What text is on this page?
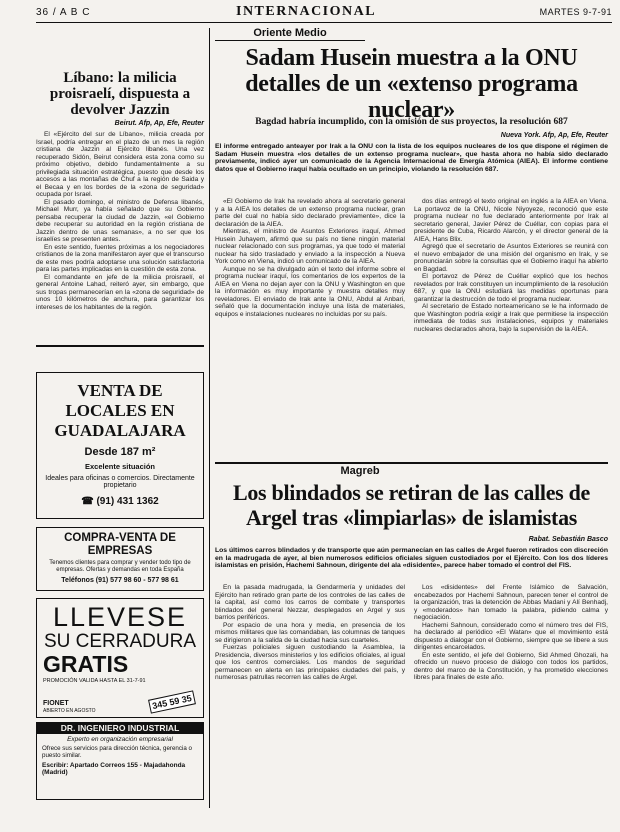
36 / A B C	INTERNACIONAL	MARTES 9-7-91
Líbano: la milicia proisraelí, dispuesta a devolver Jazzin
Beirut. Afp, Ap, Efe, Reuter

El «Ejército del sur de Líbano», milicia creada por Israel, podría entregar en el plazo de un mes la región cristiana de Jazzin al Ejército libanés. Una vez recuperado Sidón, Beirut considera esta zona como su próximo objetivo, debido fundamentalmente a su privilegiada situación estratégica, puesto que desde los accesos a las montañas de Chuf a la región de Saida y el Becaa y en los bordes de la «zona de seguridad» ocupada por Israel.

El pasado domingo, el ministro de Defensa libanés, Michael Murr, ya había señalado que su Gobierno pensaba recuperar la ciudad de Jazzin, «el Gobierno debe recuperar su autoridad en la región cristiana de Jazzin dentro de unas semanas», a no ser que los israelíes se presenten antes.

En este sentido, fuentes próximas a los negociadores cristianos de la zona manifestaron ayer que el transcurso de este mes podría adoptarse una solución satisfactoria para las partes implicadas en la cuestión de esta zona.

El comandante en jefe de la milicia proisraelí, el general Antoine Lahad, reiteró ayer, sin embargo, que sus tropas permanecerían en la «zona de seguridad» de unos 10 kilómetros de anchura, para garantizar los intereses de los habitantes de la región.

VENTA DE LOCALES EN GUADALAJARA
Desde 187 m²
Excelente situación
Ideales para oficinas o comercios. Directamente propietario
☎ (91) 431 1362
COMPRA-VENTA DE EMPRESAS
Tenemos clientes para comprar y vender todo tipo de empresas. Ofertas y demandas en toda España
Teléfonos (91) 577 98 60 - 577 98 61
LLEVESE
SU CERRADURA
GRATIS
PROMOCIÓN VALIDA HASTA EL 31-7-91
FIONET
ABIERTO EN AGOSTO	345 59 35
DR. INGENIERO INDUSTRIAL
Experto en organización empresarial
Ofrece sus servicios para dirección técnica, gerencia o puesto similar.
Escribir: Apartado Correos 155 - Majadahonda (Madrid)
Oriente Medio
Sadam Husein muestra a la ONU detalles de un «extenso programa nuclear»
Bagdad habría incumplido, con la omisión de sus proyectos, la resolución 687
Nueva York. Afp, Ap, Efe, Reuter
El informe entregado anteayer por Irak a la ONU con la lista de los equipos nucleares de los que dispone el régimen de Sadam Husein muestra «los detalles de un extenso programa nuclear», que hasta ahora no había sido declarado previamente, indicó ayer un comunicado de la Agencia Internacional de Energía Atómica (AIEA). El informe contiene datos que el Gobierno iraquí había ocultado en un principio, violando la resolución 687.

«El Gobierno de Irak ha revelado ahora al secretario general y a la AIEA los detalles de un extenso programa nuclear, gran parte del cual no había sido declarado previamente», dice la declaración de la AIEA.

Mientras, el ministro de Asuntos Exteriores iraquí, Ahmed Husein Juhayem, afirmó que su país no tiene ningún material nuclear relacionado con sus programas, ya que todo el material nuclear ha sido trasladado y enviado a la inspección a Nueva York como en Viena, indicó un comunicado de la AIEA.

Aunque no se ha divulgado aún el texto del informe sobre el programa nuclear iraquí, los comentarios de los expertos de la AIEA en Viena no dejan ayer con la ONU y Washington en que la información es muy importante y muestra detalles muy reveladores. El enviado de Irak ante la ONU, Abdul al Anbari, señaló que la documentación incluye una lista de materiales, equipos e instalaciones nucleares no incluidas por su país.

dos días entregó el texto original en inglés a la AIEA en Viena. La portavoz de la ONU, Nicole Niyoyeze, reconoció que este programa nuclear no fue declarado anteriormente por Irak al secretario general, Javier Pérez de Cuéllar, con copias para el presidente de Cuba, Ricardo Alarcón, y el director general de la AIEA, Hans Blix.

Agregó que el secretario de Asuntos Exteriores se reunirá con el nuevo embajador de una misión del organismo en Irak, y se pronunciarán sobre la consultas que el Gobierno iraquí ha abierto en Bagdad.

El portavoz de Pérez de Cuéllar explicó que los hechos revelados por Irak constituyen un incumplimiento de la resolución 687, y que la ONU estudiará las medidas oportunas para garantizar la destrucción de todo el programa nuclear.

Al secretario de Estado norteamericano se le ha informado de que Washington podría exigir a Irak que permitiese la inspección inmediata de todas sus instalaciones, equipos y materiales nucleares declarados ahora, bajo la supervisión de la AIEA.

Magreb
Los blindados se retiran de las calles de Argel tras «limpiarlas» de islamistas
Rabat. Sebastián Basco
Los últimos carros blindados y de transporte que aún permanecían en las calles de Argel fueron retirados con discreción en la madrugada de ayer, al bien numerosos edificios oficiales siguen custodiados por el Ejército. Con los dos líderes islamistas en prisión, Hachemi Sahnoun, dirigente del ala «disidente», parece haber tomado el control del FIS.

En la pasada madrugada, la Gendarmería y unidades del Ejército han retirado gran parte de los controles de las calles de la capital, así como los carros de combate y transportes blindados del general Nezzar, desplegados en Argel y sus barrios periféricos.

Por espacio de una hora y media, en presencia de los mismos militares que las comandaban, las columnas de tanques se dirigieron a la salida de la ciudad hacia sus cuarteles.

Fuerzas policiales siguen custodiando la Asamblea, la Presidencia, diversos ministerios y los edificios oficiales, al igual que los centros comerciales. Los mandos de seguridad permanecen en alerta en las principales ciudades del país, y numerosas patrullas recorren las calles de Argel.

Los «disidentes» del Frente Islámico de Salvación, encabezados por Hachemi Sahnoun, parecen tener el control de la organización, tras la detención de Abbas Madani y Alí Benhadj, y «moderados» han tomado la palabra, pidiendo calma y negociación.

Hachemi Sahnoun, considerado como el número tres del FIS, ha declarado al periódico «El Watan» que el movimiento está dispuesto a dialogar con el Gobierno, siempre que se libere a sus dirigentes encarcelados.

En este sentido, el jefe del Gobierno, Sid Ahmed Ghozali, ha ofrecido un nuevo proceso de diálogo con todos los partidos, dentro del marco de la Constitución, y ha prometido elecciones libres para finales de este año.
